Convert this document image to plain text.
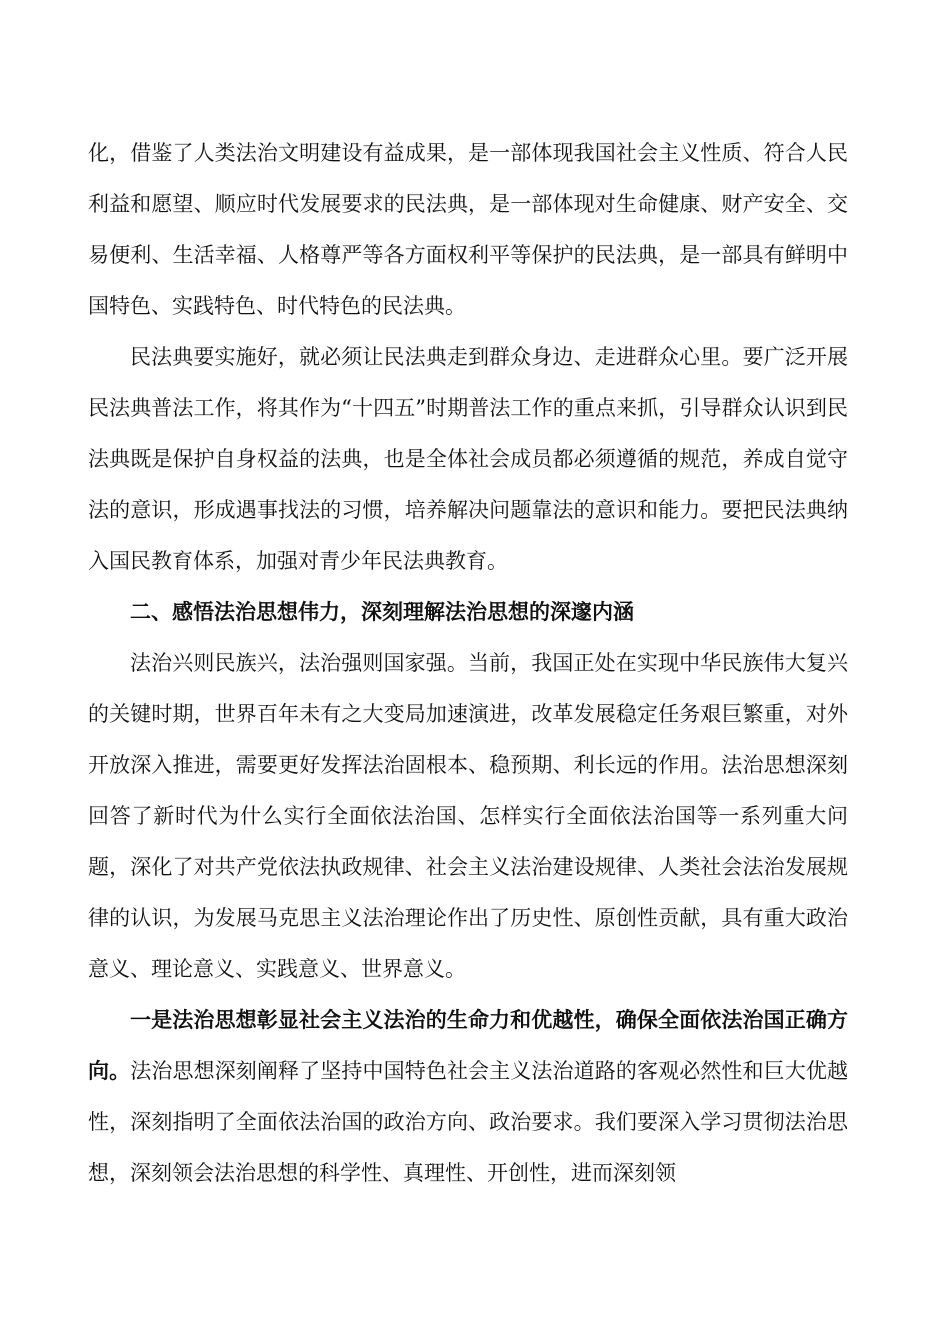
化，借鉴了人类法治文明建设有益成果，是一部体现我国社会主义性质、符合人民利益和愿望、顺应时代发展要求的民法典，是一部体现对生命健康、财产安全、交易便利、生活幸福、人格尊严等各方面权利平等保护的民法典，是一部具有鲜明中国特色、实践特色、时代特色的民法典。

民法典要实施好，就必须让民法典走到群众身边、走进群众心里。要广泛开展民法典普法工作，将其作为“十四五”时期普法工作的重点来抓，引导群众认识到民法典既是保护自身权益的法典，也是全体社会成员都必须遵循的规范，养成自觉守法的意识，形成遇事找法的习惯，培养解决问题靠法的意识和能力。要把民法典纳入国民教育体系，加强对青少年民法典教育。

二、感悟法治思想伟力，深刻理解法治思想的深邃内涵

法治兴则民族兴，法治强则国家强。当前，我国正处在实现中华民族伟大复兴的关键时期，世界百年未有之大变局加速演进，改革发展稳定任务艰巨繁重，对外开放深入推进，需要更好发挥法治固根本、稳预期、利长远的作用。法治思想深刻回答了新时代为什么实行全面依法治国、怎样实行全面依法治国等一系列重大问题，深化了对共产党依法执政规律、社会主义法治建设规律、人类社会法治发展规律的认识，为发展马克思主义法治理论作出了历史性、原创性贡献，具有重大政治意义、理论意义、实践意义、世界意义。

一是法治思想彰显社会主义法治的生命力和优越性，确保全面依法治国正确方向。法治思想深刻阐释了坚持中国特色社会主义法治道路的客观必然性和巨大优越性，深刻指明了全面依法治国的政治方向、政治要求。我们要深入学习贯彻法治思想，深刻领会法治思想的科学性、真理性、开创性，进而深刻领
